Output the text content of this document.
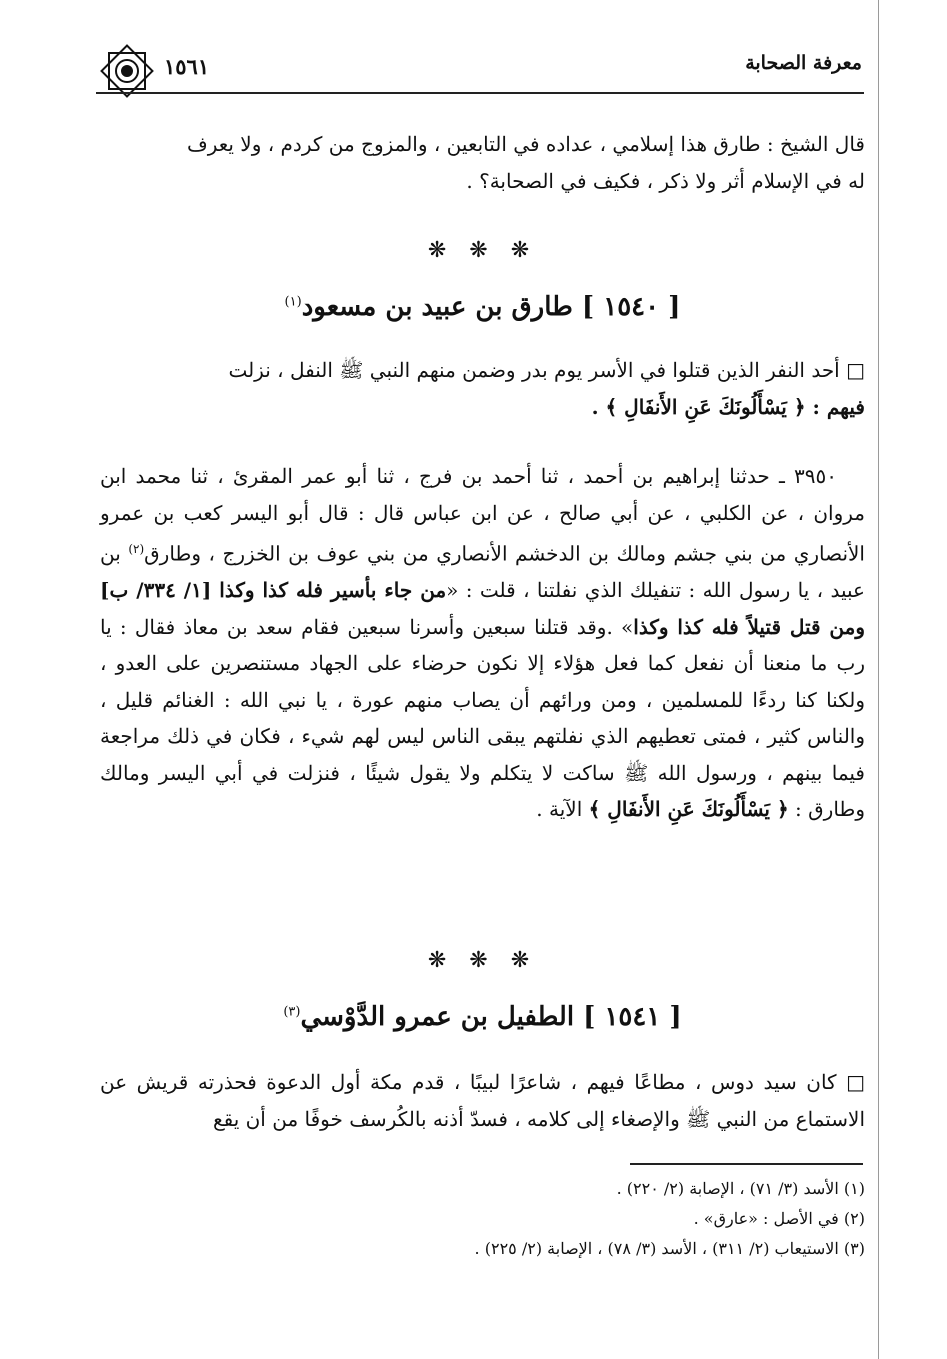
١٥٦١	معرفة الصحابة

قال الشيخ : طارق هذا إسلامي ، عداده في التابعين ، والمزوج من كردم ، ولا يعرف

له في الإسلام أثر ولا ذكر ، فكيف في الصحابة؟ .

❋ ❋ ❋
[ ١٥٤٠ ] طارق بن عبيد بن مسعود$^{(١)}$

□ أحد النفر الذين قتلوا في الأسر يوم بدر وضمن منهم النبي ﷺ النفل ، نزلت

فيهم : ﴿ يَسْأَلُونَكَ عَنِ الأَنفَالِ ﴾ .

٣٩٥٠ ـ حدثنا إبراهيم بن أحمد ، ثنا أحمد بن فرج ، ثنا أبو عمر المقرئ ، ثنا محمد ابن مروان ، عن الكلبي ، عن أبي صالح ، عن ابن عباس قال : قال أبو اليسر كعب بن عمرو الأنصاري من بني جشم ومالك بن الدخشم الأنصاري من بني عوف بن الخزرج ، وطارق$^{(٢)}$ بن عبيد ، يا رسول الله : تنفيلك الذي نفلتنا ، قلت : «من جاء بأسير فله كذا وكذا [١/ ٣٣٤/ ب] ومن قتل قتيلاً فله كذا وكذا» .وقد قتلنا سبعين وأسرنا سبعين فقام سعد بن معاذ فقال : يا رب ما منعنا أن نفعل كما فعل هؤلاء إلا نكون حرضاء على الجهاد مستنصرين على العدو ، ولكنا كنا ردءًا للمسلمين ، ومن ورائهم أن يصاب منهم عورة ، يا نبي الله : الغنائم قليل ، والناس كثير ، فمتى تعطيهم الذي نفلتهم يبقى الناس ليس لهم شيء ، فكان في ذلك مراجعة فيما بينهم ، ورسول الله ﷺ ساكت لا يتكلم ولا يقول شيئًا ، فنزلت في أبي اليسر ومالك وطارق : ﴿ يَسْأَلُونَكَ عَنِ الأَنفَالِ ﴾ الآية .

❋ ❋ ❋
[ ١٥٤١ ] الطفيل بن عمرو الدَّوْسي$^{(٣)}$

□ كان سيد دوس ، مطاعًا فيهم ، شاعرًا لبيبًا ، قدم مكة أول الدعوة فحذرته قريش عن الاستماع من النبي ﷺ والإصغاء إلى كلامه ، فسدّ أذنه بالكُرسف خوفًا من أن يقع

(١) الأسد (٣/ ٧١) ، الإصابة (٢/ ٢٢٠) .
(٢) في الأصل : «عارق» .
(٣) الاستيعاب (٢/ ٣١١) ، الأسد (٣/ ٧٨) ، الإصابة (٢/ ٢٢٥) .
